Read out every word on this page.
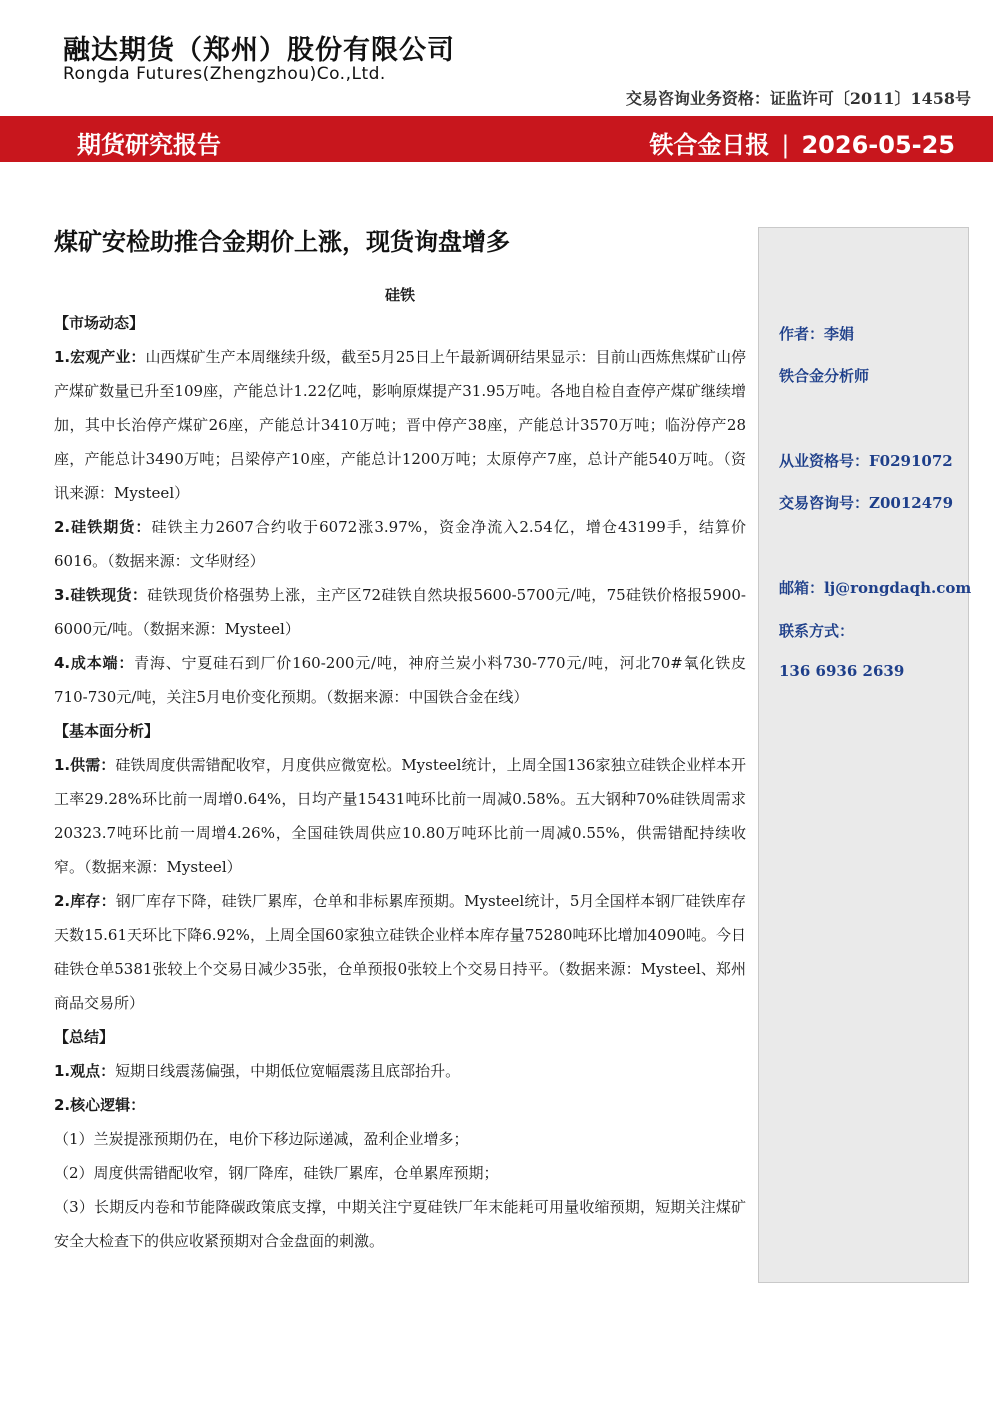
融达期货（郑州）股份有限公司
Rongda Futures(Zhengzhou)Co.,Ltd.
交易咨询业务资格：证监许可〔2011〕1458号
期货研究报告	铁合金日报 | 2026-05-25
煤矿安检助推合金期价上涨，现货询盘增多
硅铁
【市场动态】
1.宏观产业：山西煤矿生产本周继续升级，截至5月25日上午最新调研结果显示：目前山西炼焦煤矿山停产煤矿数量已升至109座，产能总计1.22亿吨，影响原煤提产31.95万吨。各地自检自查停产煤矿继续增加，其中长治停产煤矿26座，产能总计3410万吨；晋中停产38座，产能总计3570万吨；临汾停产28座，产能总计3490万吨；吕梁停产10座，产能总计1200万吨；太原停产7座，总计产能540万吨。（资讯来源：Mysteel）
2.硅铁期货：硅铁主力2607合约收于6072涨3.97%，资金净流入2.54亿，增仓43199手，结算价6016。（数据来源：文华财经）
3.硅铁现货：硅铁现货价格强势上涨，主产区72硅铁自然块报5600-5700元/吨，75硅铁价格报5900-6000元/吨。（数据来源：Mysteel）
4.成本端：青海、宁夏硅石到厂价160-200元/吨，神府兰炭小料730-770元/吨，河北70#氧化铁皮710-730元/吨，关注5月电价变化预期。（数据来源：中国铁合金在线）
【基本面分析】
1.供需：硅铁周度供需错配收窄，月度供应微宽松。Mysteel统计，上周全国136家独立硅铁企业样本开工率29.28%环比前一周增0.64%，日均产量15431吨环比前一周减0.58%。五大钢种70%硅铁周需求20323.7吨环比前一周增4.26%，全国硅铁周供应10.80万吨环比前一周减0.55%，供需错配持续收窄。（数据来源：Mysteel）
2.库存：钢厂库存下降，硅铁厂累库，仓单和非标累库预期。Mysteel统计，5月全国样本钢厂硅铁库存天数15.61天环比下降6.92%，上周全国60家独立硅铁企业样本库存量75280吨环比增加4090吨。今日硅铁仓单5381张较上个交易日减少35张，仓单预报0张较上个交易日持平。（数据来源：Mysteel、郑州商品交易所）
【总结】
1.观点：短期日线震荡偏强，中期低位宽幅震荡且底部抬升。
2.核心逻辑：
（1）兰炭提涨预期仍在，电价下移边际递减，盈利企业增多；
（2）周度供需错配收窄，钢厂降库，硅铁厂累库，仓单累库预期；
（3）长期反内卷和节能降碳政策底支撑，中期关注宁夏硅铁厂年末能耗可用量收缩预期，短期关注煤矿安全大检查下的供应收紧预期对合金盘面的刺激。
作者：李娟
铁合金分析师
从业资格号：F0291072
交易咨询号：Z0012479
邮箱：lj@rongdaqh.com
联系方式：
136 6936 2639
